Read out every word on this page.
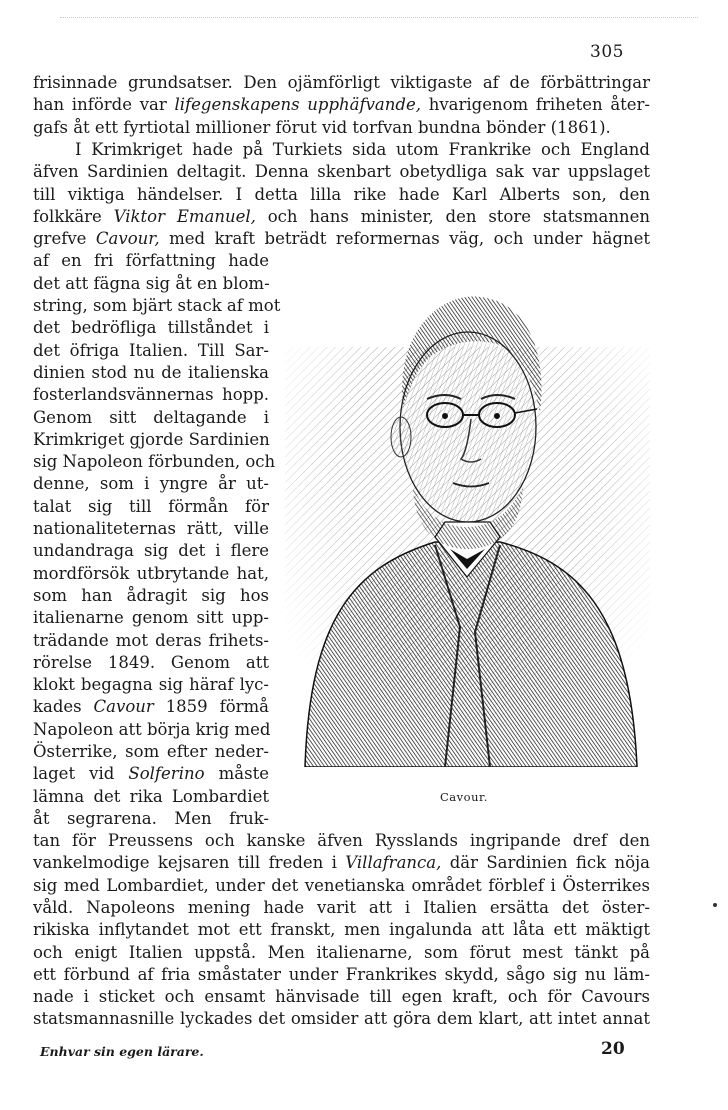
305
frisinnade grundsatser. Den ojämförligt viktigaste af de förbättringar
han införde var lifegenskapens upphäfvande, hvarigenom friheten åter-
gafs åt ett fyrtiotal millioner förut vid torfvan bundna bönder (1861).
I Krimkriget hade på Turkiets sida utom Frankrike och England
äfven Sardinien deltagit. Denna skenbart obetydliga sak var uppslaget
till viktiga händelser. I detta lilla rike hade Karl Alberts son, den
folkkäre Viktor Emanuel, och hans minister, den store statsmannen
grefve Cavour, med kraft beträdt reformernas väg, och under hägnet
af en fri författning hade
det att fägna sig åt en blom-
string, som bjärt stack af mot
det bedröfliga tillståndet i
det öfriga Italien. Till Sar-
dinien stod nu de italienska
fosterlandsvännernas hopp.
Genom sitt deltagande i
Krimkriget gjorde Sardinien
sig Napoleon förbunden, och
denne, som i yngre år ut-
talat sig till förmån för
nationaliteternas rätt, ville
undandraga sig det i flere
mordförsök utbrytande hat,
som han ådragit sig hos
italienarne genom sitt upp-
trädande mot deras frihets-
rörelse 1849. Genom att
klokt begagna sig häraf lyc-
kades Cavour 1859 förmå
Napoleon att börja krig med
Österrike, som efter neder-
laget vid Solferino måste
lämna det rika Lombardiet
åt segrarena. Men fruk-
tan för Preussens och kanske äfven Rysslands ingripande dref den
vankelmodige kejsaren till freden i Villafranca, där Sardinien fick nöja
sig med Lombardiet, under det venetianska området förblef i Österrikes
våld. Napoleons mening hade varit att i Italien ersätta det öster-
rikiska inflytandet mot ett franskt, men ingalunda att låta ett mäktigt
och enigt Italien uppstå. Men italienarne, som förut mest tänkt på
ett förbund af fria småstater under Frankrikes skydd, sågo sig nu läm-
nade i sticket och ensamt hänvisade till egen kraft, och för Cavours
statsmannasnille lyckades det omsider att göra dem klart, att intet annat
Cavour.
Enhvar sin egen lärare.	20
